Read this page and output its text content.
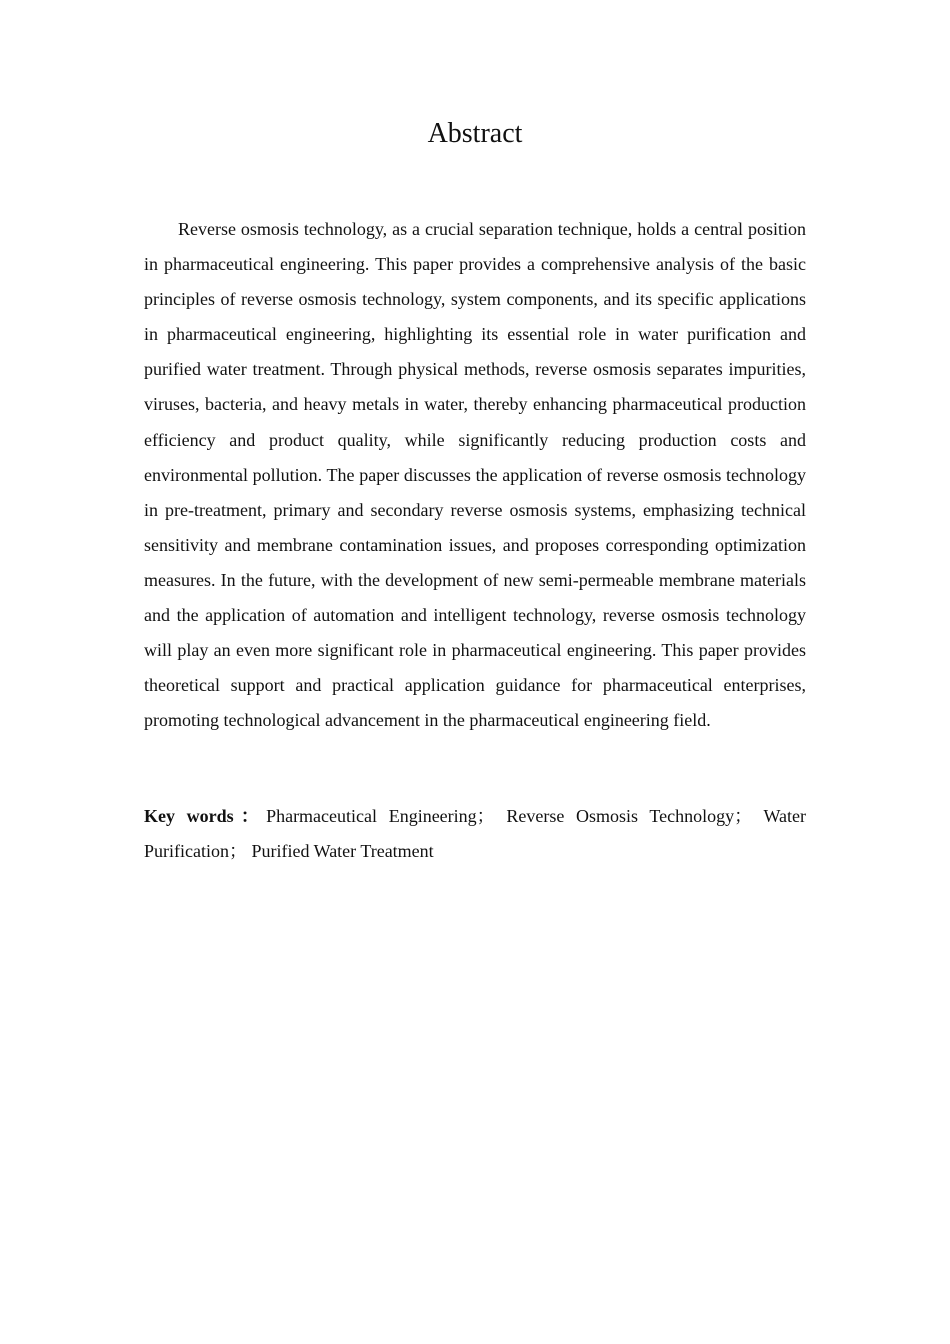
Abstract

Reverse osmosis technology, as a crucial separation technique, holds a central position in pharmaceutical engineering. This paper provides a comprehensive analysis of the basic principles of reverse osmosis technology, system components, and its specific applications in pharmaceutical engineering, highlighting its essential role in water purification and purified water treatment. Through physical methods, reverse osmosis separates impurities, viruses, bacteria, and heavy metals in water, thereby enhancing pharmaceutical production efficiency and product quality, while significantly reducing production costs and environmental pollution. The paper discusses the application of reverse osmosis technology in pre-treatment, primary and secondary reverse osmosis systems, emphasizing technical sensitivity and membrane contamination issues, and proposes corresponding optimization measures. In the future, with the development of new semi-permeable membrane materials and the application of automation and intelligent technology, reverse osmosis technology will play an even more significant role in pharmaceutical engineering. This paper provides theoretical support and practical application guidance for pharmaceutical enterprises, promoting technological advancement in the pharmaceutical engineering field.

Key words：Pharmaceutical Engineering； Reverse Osmosis Technology； Water Purification； Purified Water Treatment
